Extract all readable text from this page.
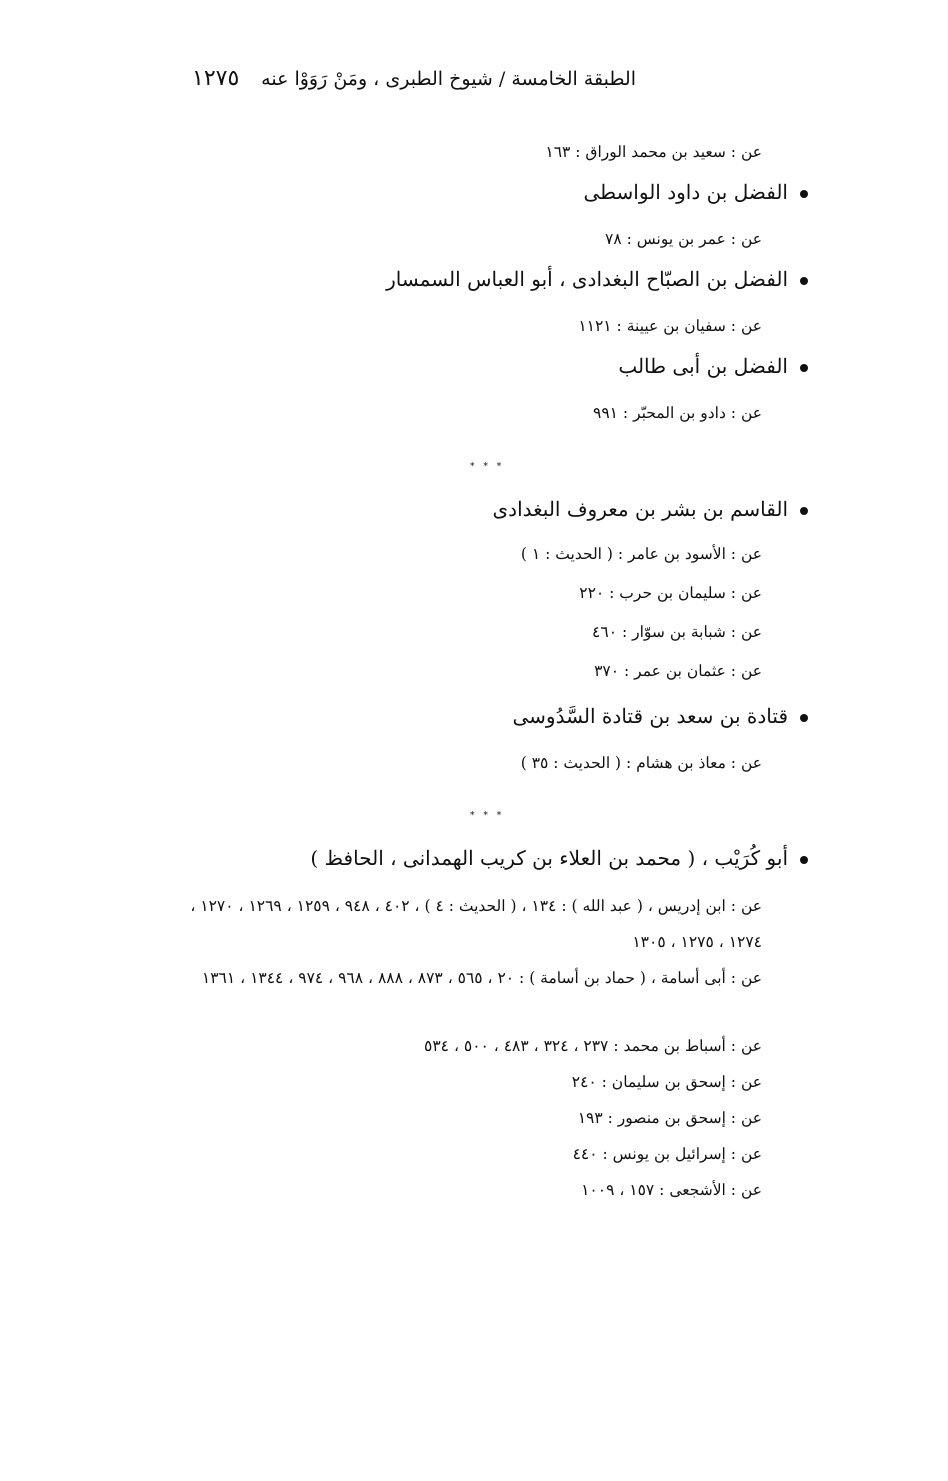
الطبقة الخامسة / شيوخ الطبرى ، ومَنْ رَوَوْا عنه
١٢٧٥
عن : سعيد بن محمد الوراق : ١٦٣
الفضل بن داود الواسطى
عن : عمر بن يونس : ٧٨
الفضل بن الصبّاح البغدادى ، أبو العباس السمسار
عن : سفيان بن عيينة : ١١٢١
الفضل بن أبى طالب
عن : دادو بن المحبّر : ٩٩١
* * *
القاسم بن بشر بن معروف البغدادى
عن : الأسود بن عامر : ( الحديث : ١ )
عن : سليمان بن حرب : ٢٢٠
عن : شبابة بن سوّار : ٤٦٠
عن : عثمان بن عمر : ٣٧٠
قتادة بن سعد بن قتادة السَّدُوسى
عن : معاذ بن هشام : ( الحديث : ٣٥ )
* * *
أبو كُرَيْب ، ( محمد بن العلاء بن كريب الهمدانى ، الحافظ )
عن : ابن إدريس ، ( عبد الله ) : ١٣٤ ، ( الحديث : ٤ ) ، ٤٠٢ ، ٩٤٨ ، ١٢٥٩ ، ١٢٦٩ ، ١٢٧٠ ، ١٢٧٤ ، ١٢٧٥ ، ١٣٠٥
عن : أبى أسامة ، ( حماد بن أسامة ) : ٢٠ ، ٥٦٥ ، ٨٧٣ ، ٨٨٨ ، ٩٦٨ ، ٩٧٤ ، ١٣٤٤ ، ١٣٦١
عن : أسباط بن محمد : ٢٣٧ ، ٣٢٤ ، ٤٨٣ ، ٥٠٠ ، ٥٣٤
عن : إسحق بن سليمان : ٢٤٠
عن : إسحق بن منصور : ١٩٣
عن : إسرائيل بن يونس : ٤٤٠
عن : الأشجعى : ١٥٧ ، ١٠٠٩
